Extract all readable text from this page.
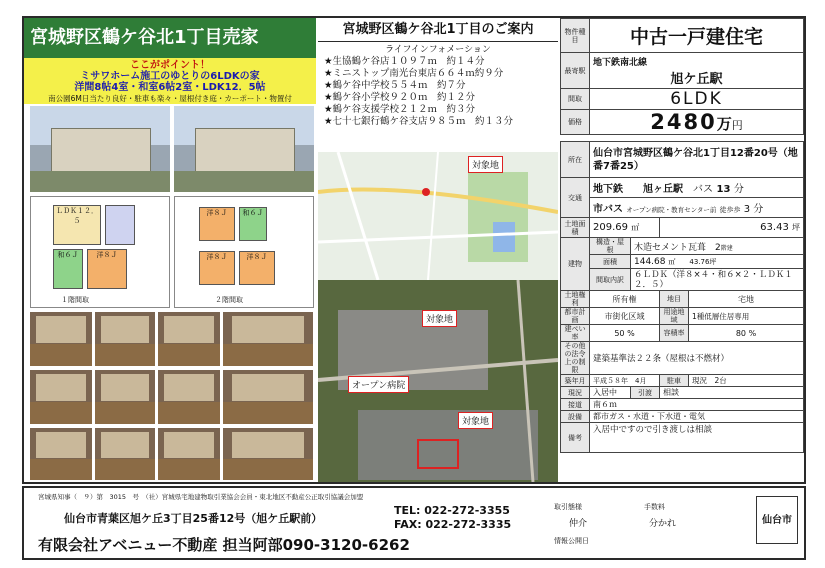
宮城野区鶴ケ谷北1丁目売家
ここがポイント！
ミサワホーム施工のゆとりの6LDKの家
洋間8帖4室・和室6帖2室・LDK12．5帖
南公園6M日当たり良好・駐車も楽々・屋根付き庭・カーポート・物置付
ＬＤＫ１２．５
和６Ｊ	洋８Ｊ
１階間取
洋８Ｊ	和６Ｊ
洋８Ｊ	洋８Ｊ
２階間取
宮城野区鶴ケ谷北1丁目のご案内
ライフインフォメーション
★生協鶴ケ谷店１０９７ｍ　約１４分
★ミニストップ南光台東店６６４ｍ約９分
★鶴ケ谷中学校５５４ｍ　約７分
★鶴ケ谷小学校９２０ｍ　約１２分
★鶴ケ谷支援学校２１２ｍ　約３分
★七十七銀行鶴ケ谷支店９８５ｍ　約１３分
対象地
対象地
オープン病院
対象地
物件種目	中古一戸建住宅
最寄駅	地下鉄南北線
旭ケ丘駅

間取	6LDK
価格	2480万円
所在	仙台市宮城野区鶴ケ谷北1丁目12番20号（地番7番25）			
交通	地下鉄　　 旭ヶ丘駅　 バス 13 分			
	市バス オープン病院・教育センター前 徒歩歩 3 分			
土地面積	209.69 ㎡		63.43 坪	
建物	構造・屋根	木造セメント瓦葺　 2階建		
	面積	144.68 ㎡　　43.76坪		
	間取内訳	６ＬＤＫ（洋８×４・和６×２・ＬＤＫ１２．５）		
土地権利	所有権		地目	宅地
都市計画	市街化区域		用途地域	1種低層住居専用
建ぺい率	50 %		容積率	80 %
その他の法令上の制限	建築基準法２２条（屋根は不燃材）			
築年月	平成５８年　 4月		駐車	現況　2台
現況	入居中	引渡	相談	
接道	南６ｍ			
設備	都市ガス・水道・下水道・電気			
備考	入居中ですので引き渡しは相談			
宮城県知事（　９）第　3015　号　（社）宮城県宅地建物取引業協会会員・東北地区不動産公正取引協議会加盟
仙台市青葉区旭ケ丘3丁目25番12号（旭ケ丘駅前）
TEL: 022-272-3355
FAX: 022-272-3335
有限会社アベニュー不動産 担当阿部090-3120-6262
取引態様
仲介
手数料
分かれ
情報公開日
仙台市
